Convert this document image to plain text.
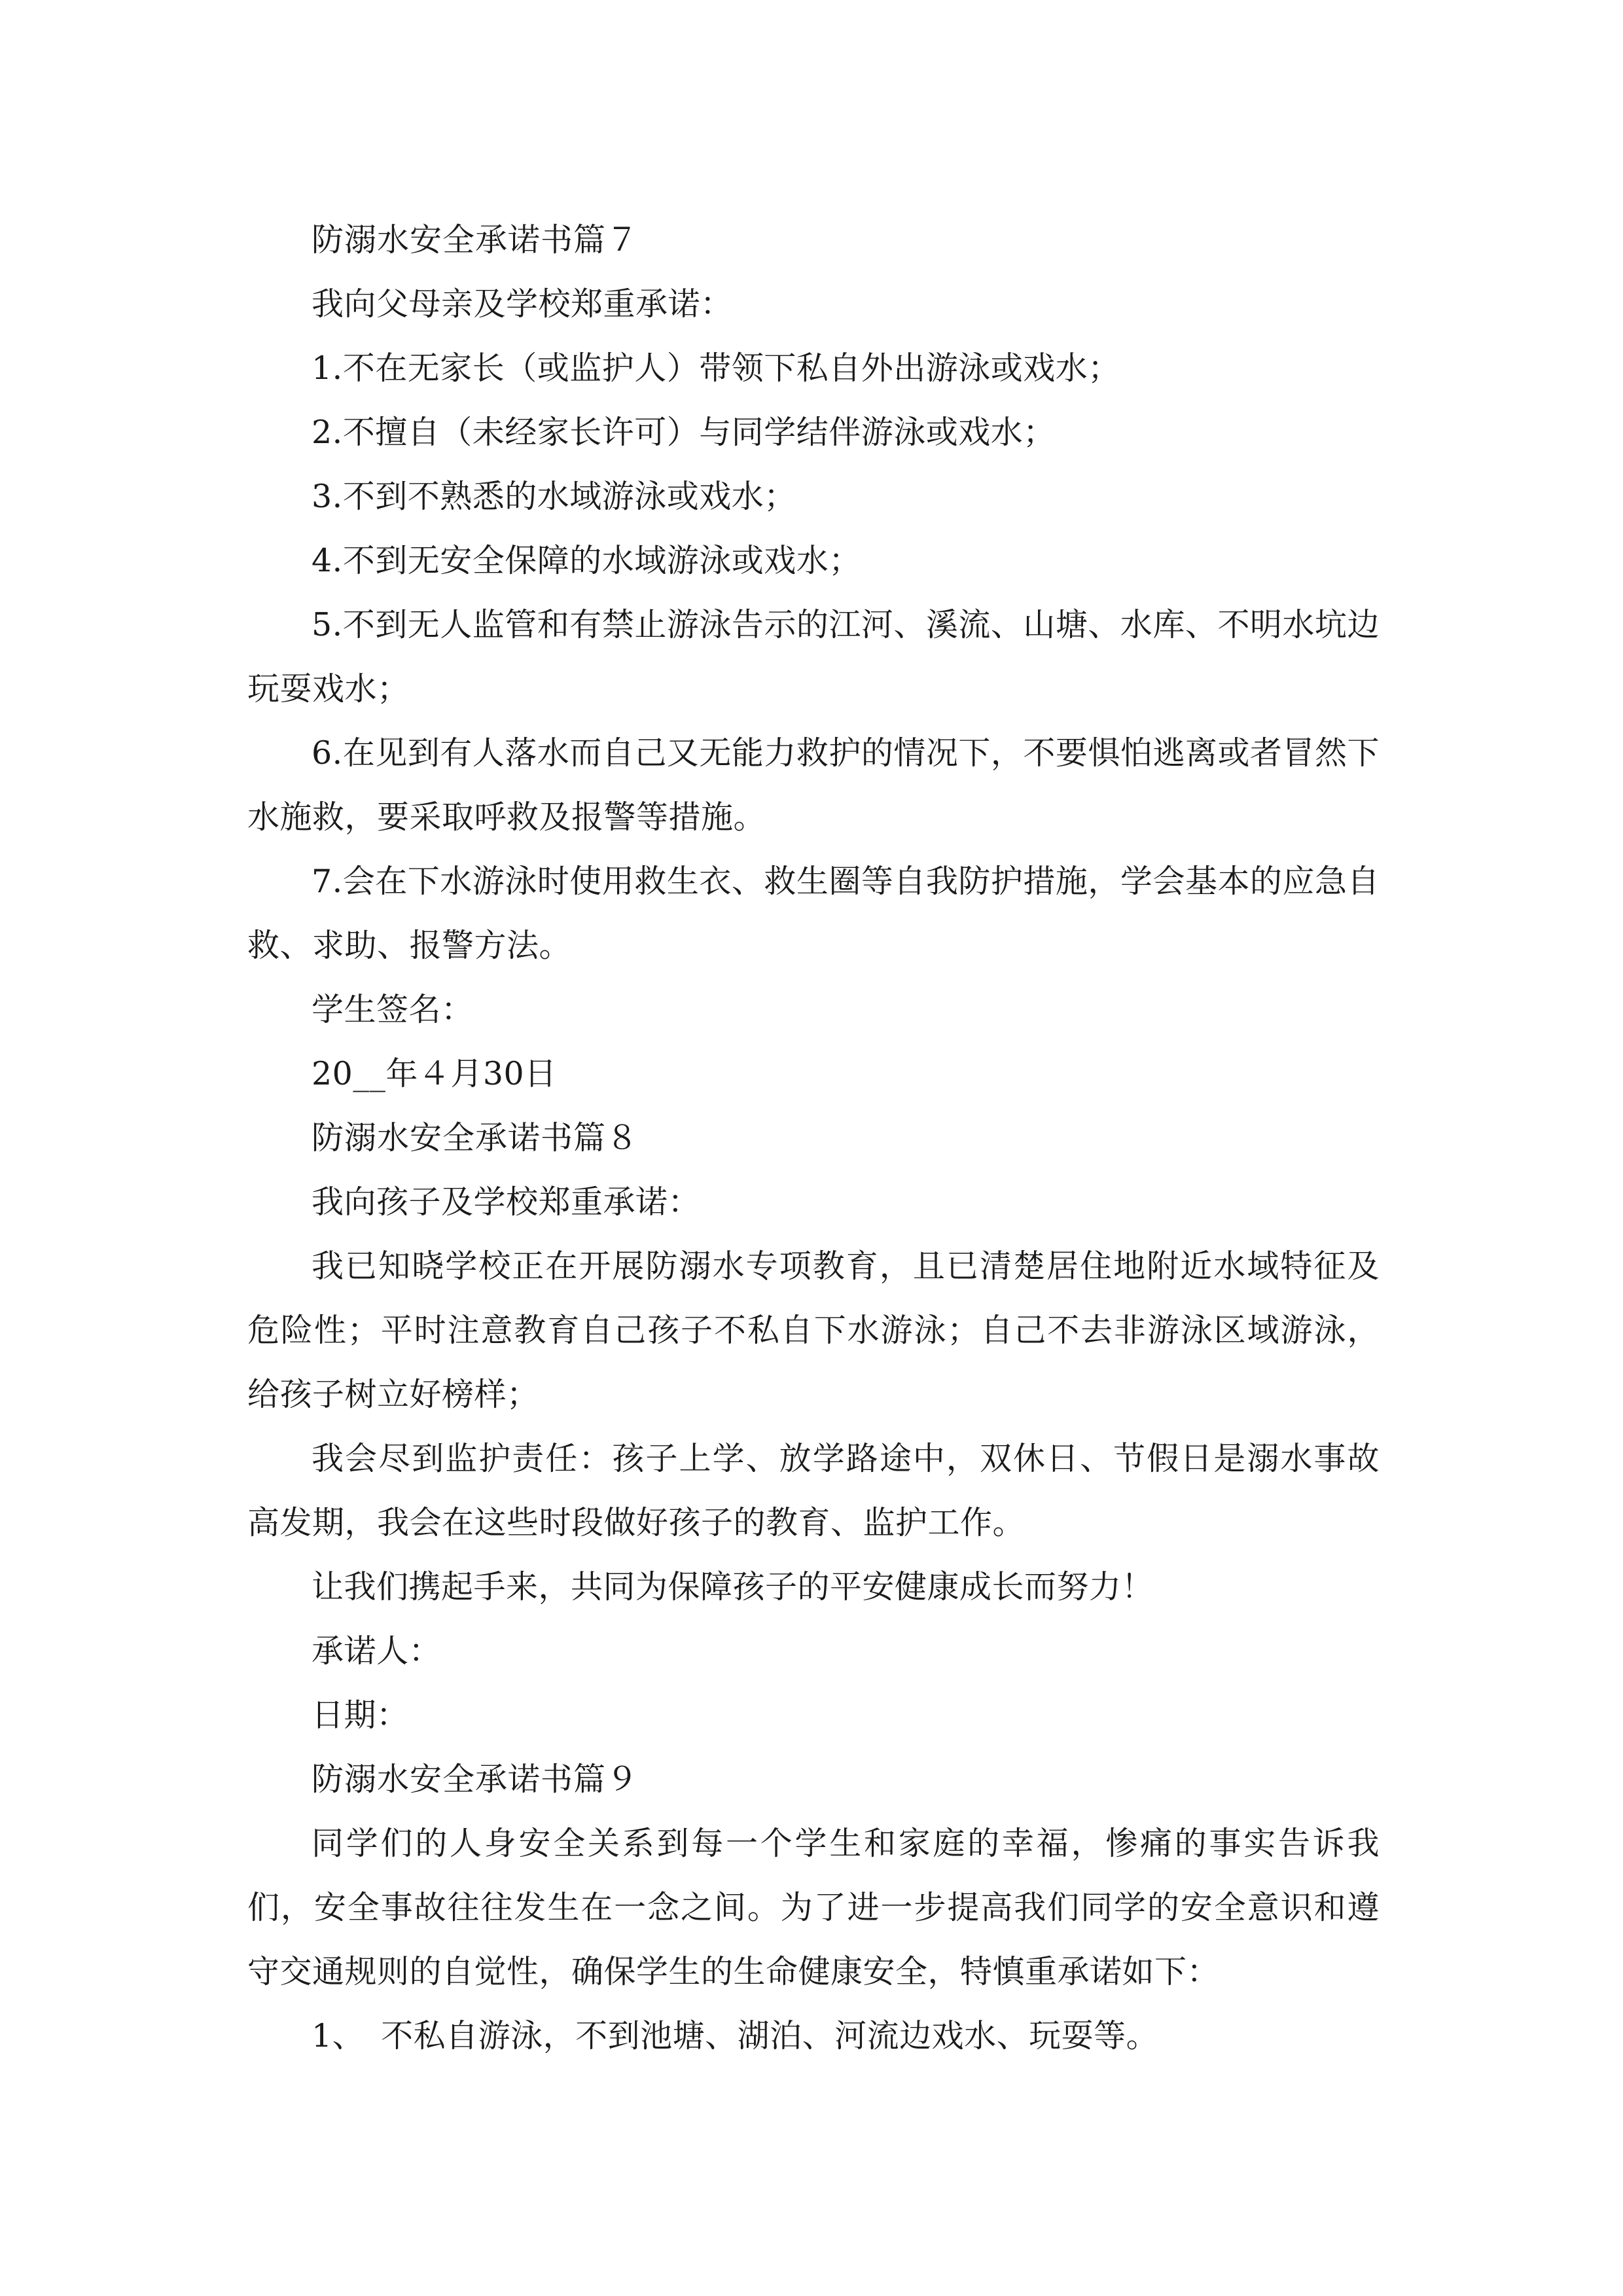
防溺水安全承诺书篇７

我向父母亲及学校郑重承诺：

1.不在无家长（或监护人）带领下私自外出游泳或戏水；

2.不擅自（未经家长许可）与同学结伴游泳或戏水；

3.不到不熟悉的水域游泳或戏水；

4.不到无安全保障的水域游泳或戏水；

5.不到无人监管和有禁止游泳告示的江河、溪流、山塘、水库、不明水坑边玩耍戏水；

6.在见到有人落水而自己又无能力救护的情况下，不要惧怕逃离或者冒然下水施救，要采取呼救及报警等措施。

7.会在下水游泳时使用救生衣、救生圈等自我防护措施，学会基本的应急自救、求助、报警方法。

学生签名：

20__年４月30日

防溺水安全承诺书篇８

我向孩子及学校郑重承诺：

我已知晓学校正在开展防溺水专项教育，且已清楚居住地附近水域特征及危险性；平时注意教育自己孩子不私自下水游泳；自己不去非游泳区域游泳，给孩子树立好榜样；

我会尽到监护责任：孩子上学、放学路途中，双休日、节假日是溺水事故高发期，我会在这些时段做好孩子的教育、监护工作。

让我们携起手来，共同为保障孩子的平安健康成长而努力！

承诺人：

日期：

防溺水安全承诺书篇９

同学们的人身安全关系到每一个学生和家庭的幸福，惨痛的事实告诉我们，安全事故往往发生在一念之间。为了进一步提高我们同学的安全意识和遵守交通规则的自觉性，确保学生的生命健康安全，特慎重承诺如下：

1、　不私自游泳，不到池塘、湖泊、河流边戏水、玩耍等。
